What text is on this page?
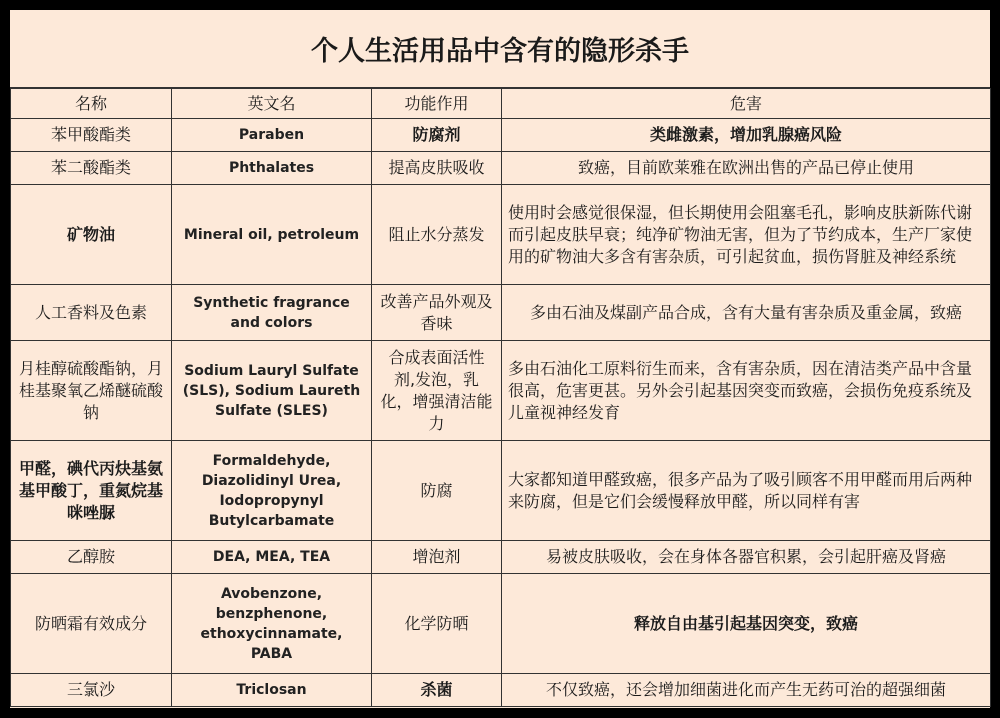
个人生活用品中含有的隐形杀手
名称	英文名	功能作用	危害
苯甲酸酯类	Paraben	防腐剂	类雌激素，增加乳腺癌风险
苯二酸酯类	Phthalates	提高皮肤吸收	致癌，目前欧莱雅在欧洲出售的产品已停止使用
矿物油	Mineral oil, petroleum	阻止水分蒸发	使用时会感觉很保湿，但长期使用会阻塞毛孔，影响皮肤新陈代谢而引起皮肤早衰；纯净矿物油无害，但为了节约成本，生产厂家使用的矿物油大多含有害杂质，可引起贫血，损伤肾脏及神经系统
人工香料及色素	Synthetic fragrance and colors	改善产品外观及香味	多由石油及煤副产品合成，含有大量有害杂质及重金属，致癌
月桂醇硫酸酯钠，月桂基聚氧乙烯醚硫酸钠	Sodium Lauryl Sulfate (SLS), Sodium Laureth Sulfate (SLES)	合成表面活性剂,发泡，乳化，增强清洁能力	多由石油化工原料衍生而来，含有害杂质，因在清洁类产品中含量很高，危害更甚。另外会引起基因突变而致癌，会损伤免疫系统及儿童视神经发育
甲醛，碘代丙炔基氨基甲酸丁，重氮烷基咪唑脲	Formaldehyde, Diazolidinyl Urea, Iodopropynyl Butylcarbamate	防腐	大家都知道甲醛致癌，很多产品为了吸引顾客不用甲醛而用后两种来防腐，但是它们会缓慢释放甲醛，所以同样有害
乙醇胺	DEA, MEA, TEA	增泡剂	易被皮肤吸收，会在身体各器官积累，会引起肝癌及肾癌
防晒霜有效成分	Avobenzone, benzphenone, ethoxycinnamate, PABA	化学防晒	释放自由基引起基因突变，致癌
三氯沙	Triclosan	杀菌	不仅致癌，还会增加细菌进化而产生无药可治的超强细菌
